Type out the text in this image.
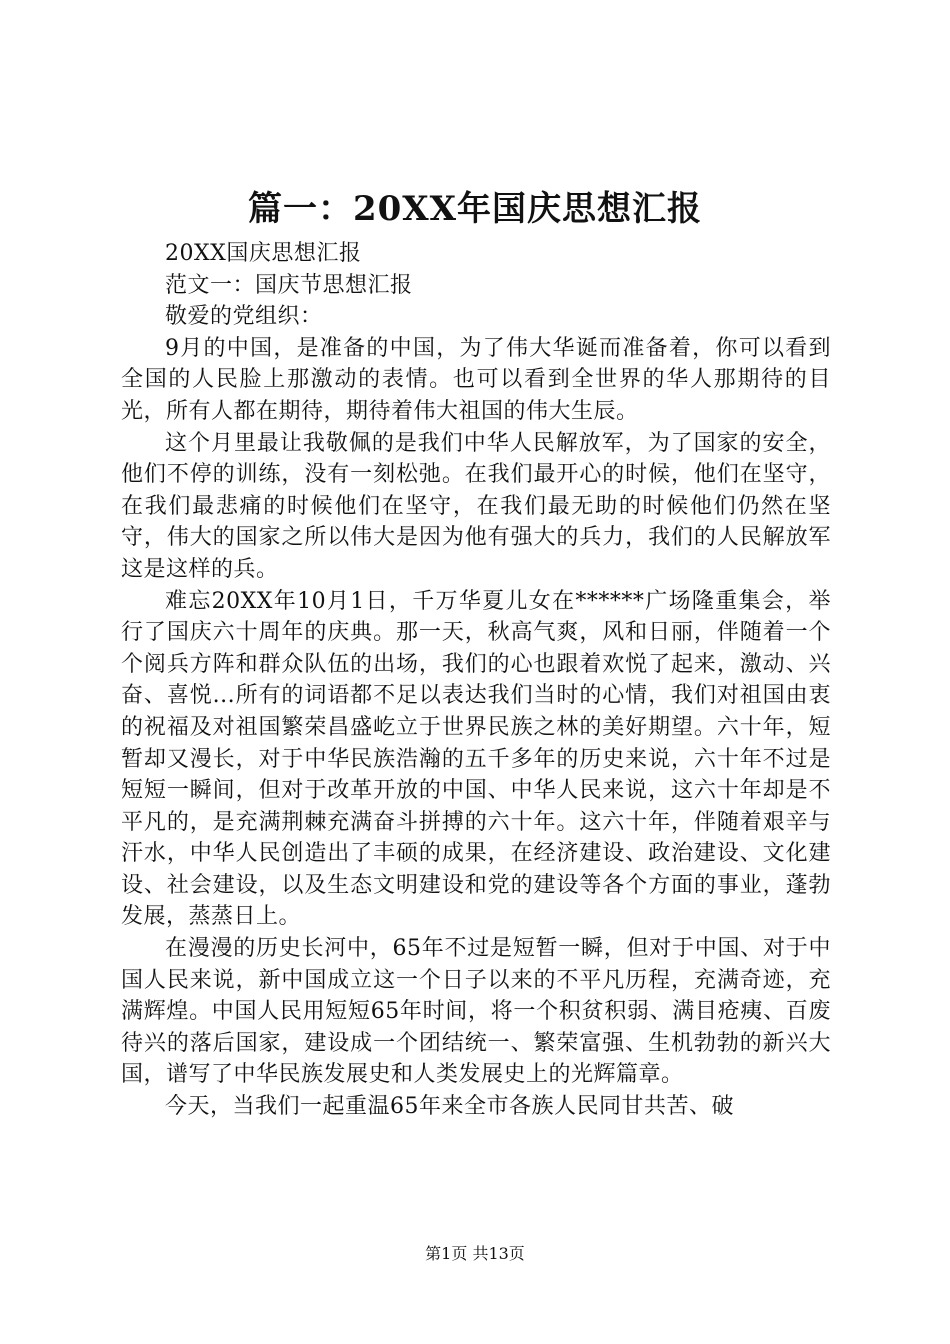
篇一：20XX年国庆思想汇报

20XX国庆思想汇报

范文一：国庆节思想汇报

敬爱的党组织：

9月的中国，是准备的中国，为了伟大华诞而准备着，你可以看到全国的人民脸上那激动的表情。也可以看到全世界的华人那期待的目光，所有人都在期待，期待着伟大祖国的伟大生辰。

这个月里最让我敬佩的是我们中华人民解放军，为了国家的安全，他们不停的训练，没有一刻松弛。在我们最开心的时候，他们在坚守，在我们最悲痛的时候他们在坚守，在我们最无助的时候他们仍然在坚守，伟大的国家之所以伟大是因为他有强大的兵力，我们的人民解放军这是这样的兵。

难忘20XX年10月1日，千万华夏儿女在******广场隆重集会，举行了国庆六十周年的庆典。那一天，秋高气爽，风和日丽，伴随着一个个阅兵方阵和群众队伍的出场，我们的心也跟着欢悦了起来，激动、兴奋、喜悦...所有的词语都不足以表达我们当时的心情，我们对祖国由衷的祝福及对祖国繁荣昌盛屹立于世界民族之林的美好期望。六十年，短暂却又漫长，对于中华民族浩瀚的五千多年的历史来说，六十年不过是短短一瞬间，但对于改革开放的中国、中华人民来说，这六十年却是不平凡的，是充满荆棘充满奋斗拼搏的六十年。这六十年，伴随着艰辛与汗水，中华人民创造出了丰硕的成果，在经济建设、政治建设、文化建设、社会建设，以及生态文明建设和党的建设等各个方面的事业，蓬勃发展，蒸蒸日上。

在漫漫的历史长河中，65年不过是短暂一瞬，但对于中国、对于中国人民来说，新中国成立这一个日子以来的不平凡历程，充满奇迹，充满辉煌。中国人民用短短65年时间，将一个积贫积弱、满目疮痍、百废待兴的落后国家，建设成一个团结统一、繁荣富强、生机勃勃的新兴大国，谱写了中华民族发展史和人类发展史上的光辉篇章。

今天，当我们一起重温65年来全市各族人民同甘共苦、破

第1页 共13页
